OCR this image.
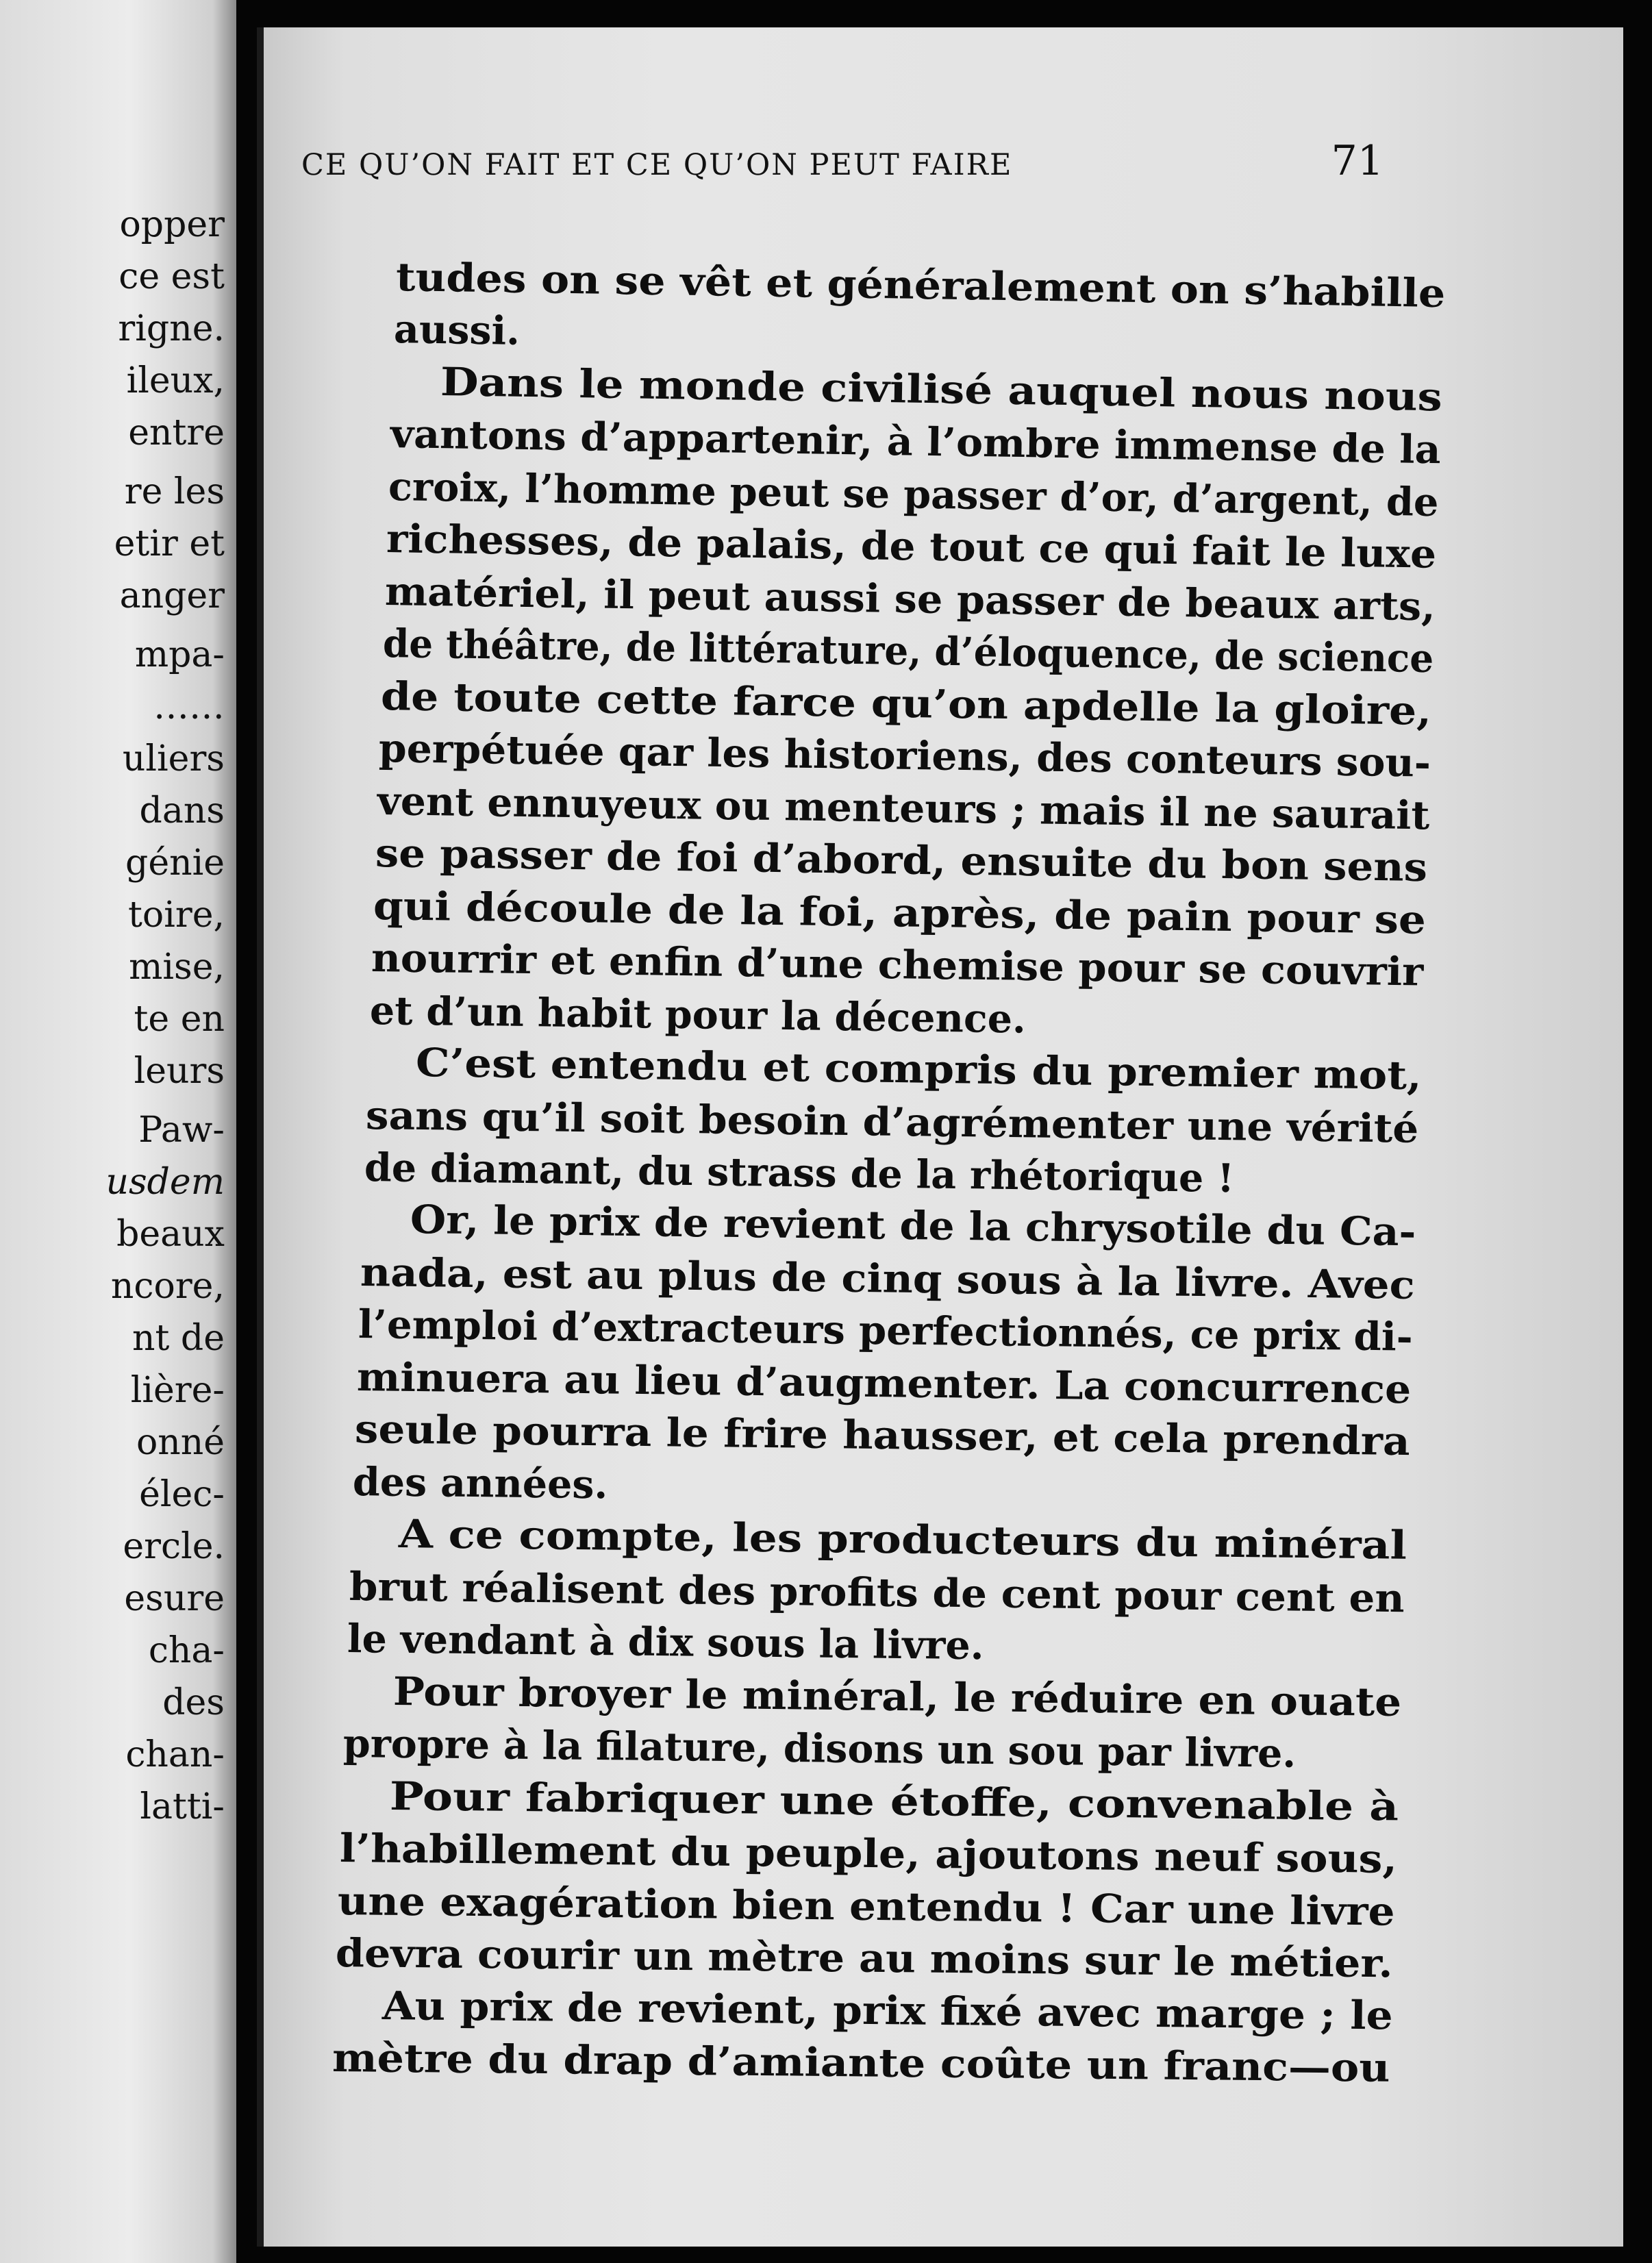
opper
ce est
rigne.
ileux,
entre
re les
etir et
anger
mpa-
……
uliers
dans
génie
toire,
mise,
te en
leurs
Paw-
usdem
beaux
ncore,
nt de
lière-
onné
élec-
ercle.
esure
cha-
des
chan-
latti-
CE QU’ON FAIT ET CE QU’ON PEUT FAIRE	71
tudes on se vêt et généralement on s’habille
aussi.
Dans le monde civilisé auquel nous nous
vantons d’appartenir, à l’ombre immense de la
croix, l’homme peut se passer d’or, d’argent, de
richesses, de palais, de tout ce qui fait le luxe
matériel, il peut aussi se passer de beaux arts,
de théâtre, de littérature, d’éloquence, de science
de toute cette farce qu’on apdelle la gloire,
perpétuée qar les historiens, des conteurs sou-
vent ennuyeux ou menteurs ; mais il ne saurait
se passer de foi d’abord, ensuite du bon sens
qui découle de la foi, après, de pain pour se
nourrir et enfin d’une chemise pour se couvrir
et d’un habit pour la décence.
C’est entendu et compris du premier mot,
sans qu’il soit besoin d’agrémenter une vérité
de diamant, du strass de la rhétorique !
Or, le prix de revient de la chrysotile du Ca-
nada, est au plus de cinq sous à la livre. Avec
l’emploi d’extracteurs perfectionnés, ce prix di-
minuera au lieu d’augmenter. La concurrence
seule pourra le frire hausser, et cela prendra
des années.
A ce compte, les producteurs du minéral
brut réalisent des profits de cent pour cent en
le vendant à dix sous la livre.
Pour broyer le minéral, le réduire en ouate
propre à la filature, disons un sou par livre.
Pour fabriquer une étoffe, convenable à
l’habillement du peuple, ajoutons neuf sous,
une exagération bien entendu ! Car une livre
devra courir un mètre au moins sur le métier.
Au prix de revient, prix fixé avec marge ; le
mètre du drap d’amiante coûte un franc—ou
